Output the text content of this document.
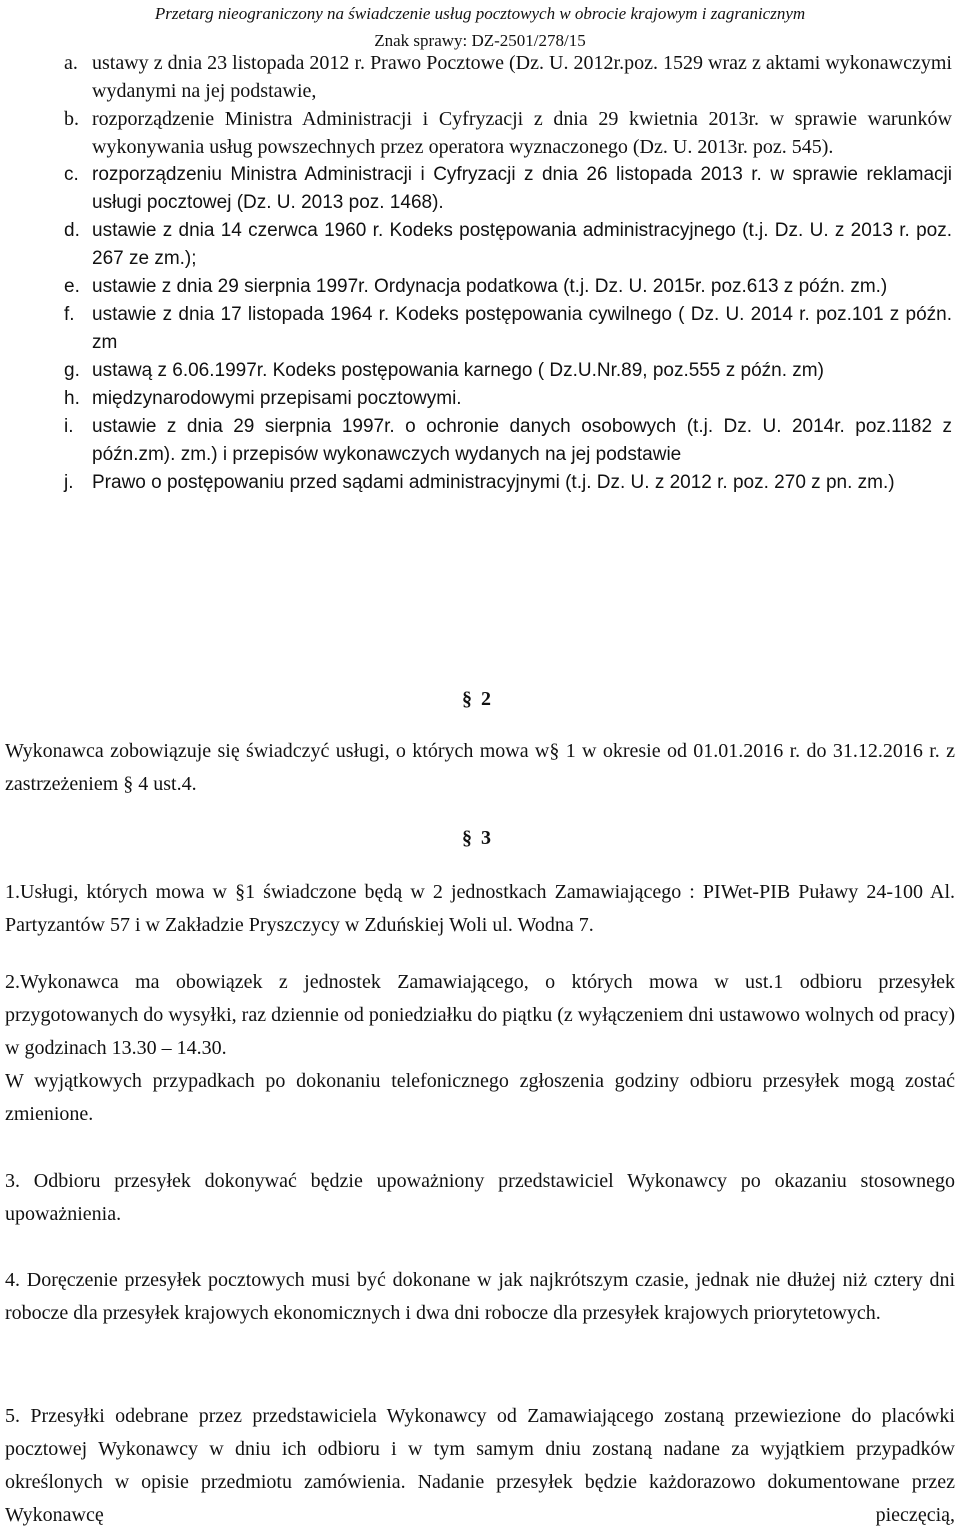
Przetarg nieograniczony na świadczenie usług pocztowych w obrocie krajowym i zagranicznym
Znak sprawy: DZ-2501/278/15
a. ustawy z dnia 23 listopada 2012 r. Prawo Pocztowe (Dz. U. 2012r.poz. 1529 wraz z aktami wykonawczymi wydanymi na jej podstawie,
b. rozporządzenie Ministra Administracji i Cyfryzacji z dnia 29 kwietnia 2013r. w sprawie warunków wykonywania usług powszechnych przez operatora wyznaczonego (Dz. U. 2013r. poz. 545).
c. rozporządzeniu Ministra Administracji i Cyfryzacji z dnia 26 listopada 2013 r. w sprawie reklamacji usługi pocztowej (Dz. U. 2013 poz. 1468).
d. ustawie z dnia 14 czerwca 1960 r. Kodeks postępowania administracyjnego (t.j. Dz. U. z 2013 r. poz. 267 ze zm.);
e. ustawie z dnia 29 sierpnia 1997r. Ordynacja podatkowa (t.j. Dz. U. 2015r. poz.613 z późn. zm.)
f. ustawie z dnia 17 listopada 1964 r. Kodeks postępowania cywilnego ( Dz. U. 2014 r. poz.101 z późn. zm
g. ustawą z 6.06.1997r. Kodeks postępowania karnego ( Dz.U.Nr.89, poz.555 z późn. zm)
h. międzynarodowymi przepisami pocztowymi.
i. ustawie z dnia 29 sierpnia 1997r. o ochronie danych osobowych (t.j. Dz. U. 2014r. poz.1182 z późn.zm). zm.) i przepisów wykonawczych wydanych na jej podstawie
j. Prawo o postępowaniu przed sądami administracyjnymi (t.j. Dz. U. z 2012 r. poz. 270 z pn. zm.)
§ 2

Wykonawca zobowiązuje się świadczyć usługi, o których mowa w§ 1 w okresie od 01.01.2016 r. do 31.12.2016 r. z zastrzeżeniem § 4 ust.4.

§ 3

1.Usługi, których mowa w §1 świadczone będą w 2 jednostkach Zamawiającego : PIWet-PIB Puławy 24-100 Al. Partyzantów 57 i w Zakładzie Pryszczycy w Zduńskiej Woli ul. Wodna 7.

2.Wykonawca ma obowiązek z jednostek Zamawiającego, o których mowa w ust.1 odbioru przesyłek przygotowanych do wysyłki, raz dziennie od poniedziałku do piątku (z wyłączeniem dni ustawowo wolnych od pracy) w godzinach 13.30 – 14.30.

W wyjątkowych przypadkach po dokonaniu telefonicznego zgłoszenia godziny odbioru przesyłek mogą zostać zmienione.

3. Odbioru przesyłek dokonywać będzie upoważniony przedstawiciel Wykonawcy po okazaniu stosownego upoważnienia.

4. Doręczenie przesyłek pocztowych musi być dokonane w jak najkrótszym czasie, jednak nie dłużej niż cztery dni robocze dla przesyłek krajowych ekonomicznych i dwa dni robocze dla przesyłek krajowych priorytetowych.

5. Przesyłki odebrane przez przedstawiciela Wykonawcy od Zamawiającego zostaną przewiezione do placówki pocztowej Wykonawcy w dniu ich odbioru i w tym samym dniu zostaną nadane za wyjątkiem przypadków określonych w opisie przedmiotu zamówienia. Nadanie przesyłek będzie każdorazowo dokumentowane przez Wykonawcę pieczęcią,
